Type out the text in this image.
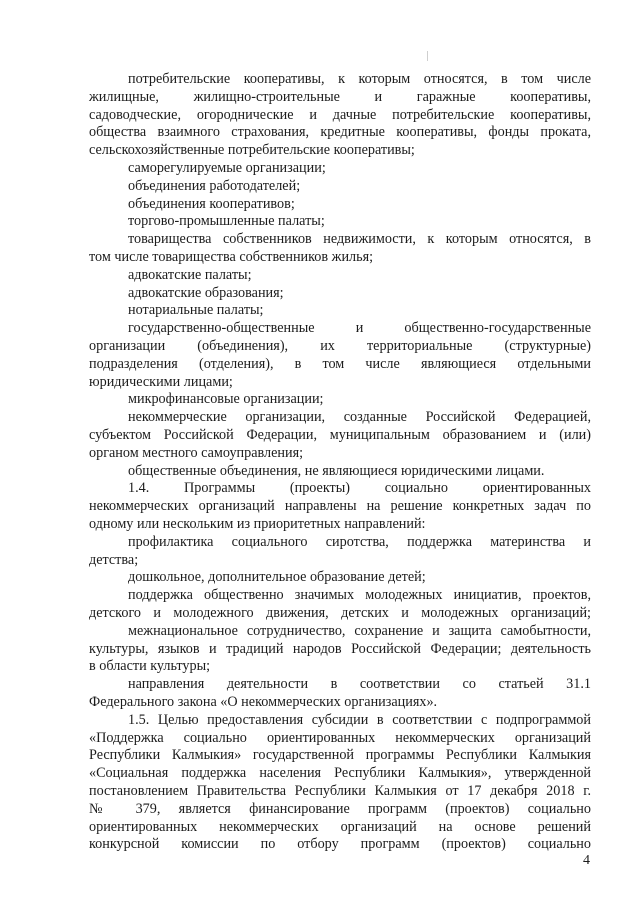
потребительские кооперативы, к которым относятся, в том числе
жилищные, жилищно-строительные и гаражные кооперативы,
садоводческие, огороднические и дачные потребительские кооперативы,
общества взаимного страхования, кредитные кооперативы, фонды проката,
сельскохозяйственные потребительские кооперативы;
саморегулируемые организации;
объединения работодателей;
объединения кооперативов;
торгово-промышленные палаты;
товарищества собственников недвижимости, к которым относятся, в
том числе товарищества собственников жилья;
адвокатские палаты;
адвокатские образования;
нотариальные палаты;
государственно-общественные и общественно-государственные
организации (объединения), их территориальные (структурные)
подразделения (отделения), в том числе являющиеся отдельными
юридическими лицами;
микрофинансовые организации;
некоммерческие организации, созданные Российской Федерацией,
субъектом Российской Федерации, муниципальным образованием и (или)
органом местного самоуправления;
общественные объединения, не являющиеся юридическими лицами.
1.4. Программы (проекты) социально ориентированных
некоммерческих организаций направлены на решение конкретных задач по
одному или нескольким из приоритетных направлений:
профилактика социального сиротства, поддержка материнства и
детства;
дошкольное, дополнительное образование детей;
поддержка общественно значимых молодежных инициатив, проектов,
детского и молодежного движения, детских и молодежных организаций;
межнациональное сотрудничество, сохранение и защита самобытности,
культуры, языков и традиций народов Российской Федерации; деятельность
в области культуры;
направления деятельности в соответствии со статьей 31.1
Федерального закона «О некоммерческих организациях».
1.5. Целью предоставления субсидии в соответствии с подпрограммой
«Поддержка социально ориентированных некоммерческих организаций
Республики Калмыкия» государственной программы Республики Калмыкия
«Социальная поддержка населения Республики Калмыкия», утвержденной
постановлением Правительства Республики Калмыкия от 17 декабря 2018 г.
№ 379, является финансирование программ (проектов) социально
ориентированных некоммерческих организаций на основе решений
конкурсной комиссии по отбору программ (проектов) социально
4
